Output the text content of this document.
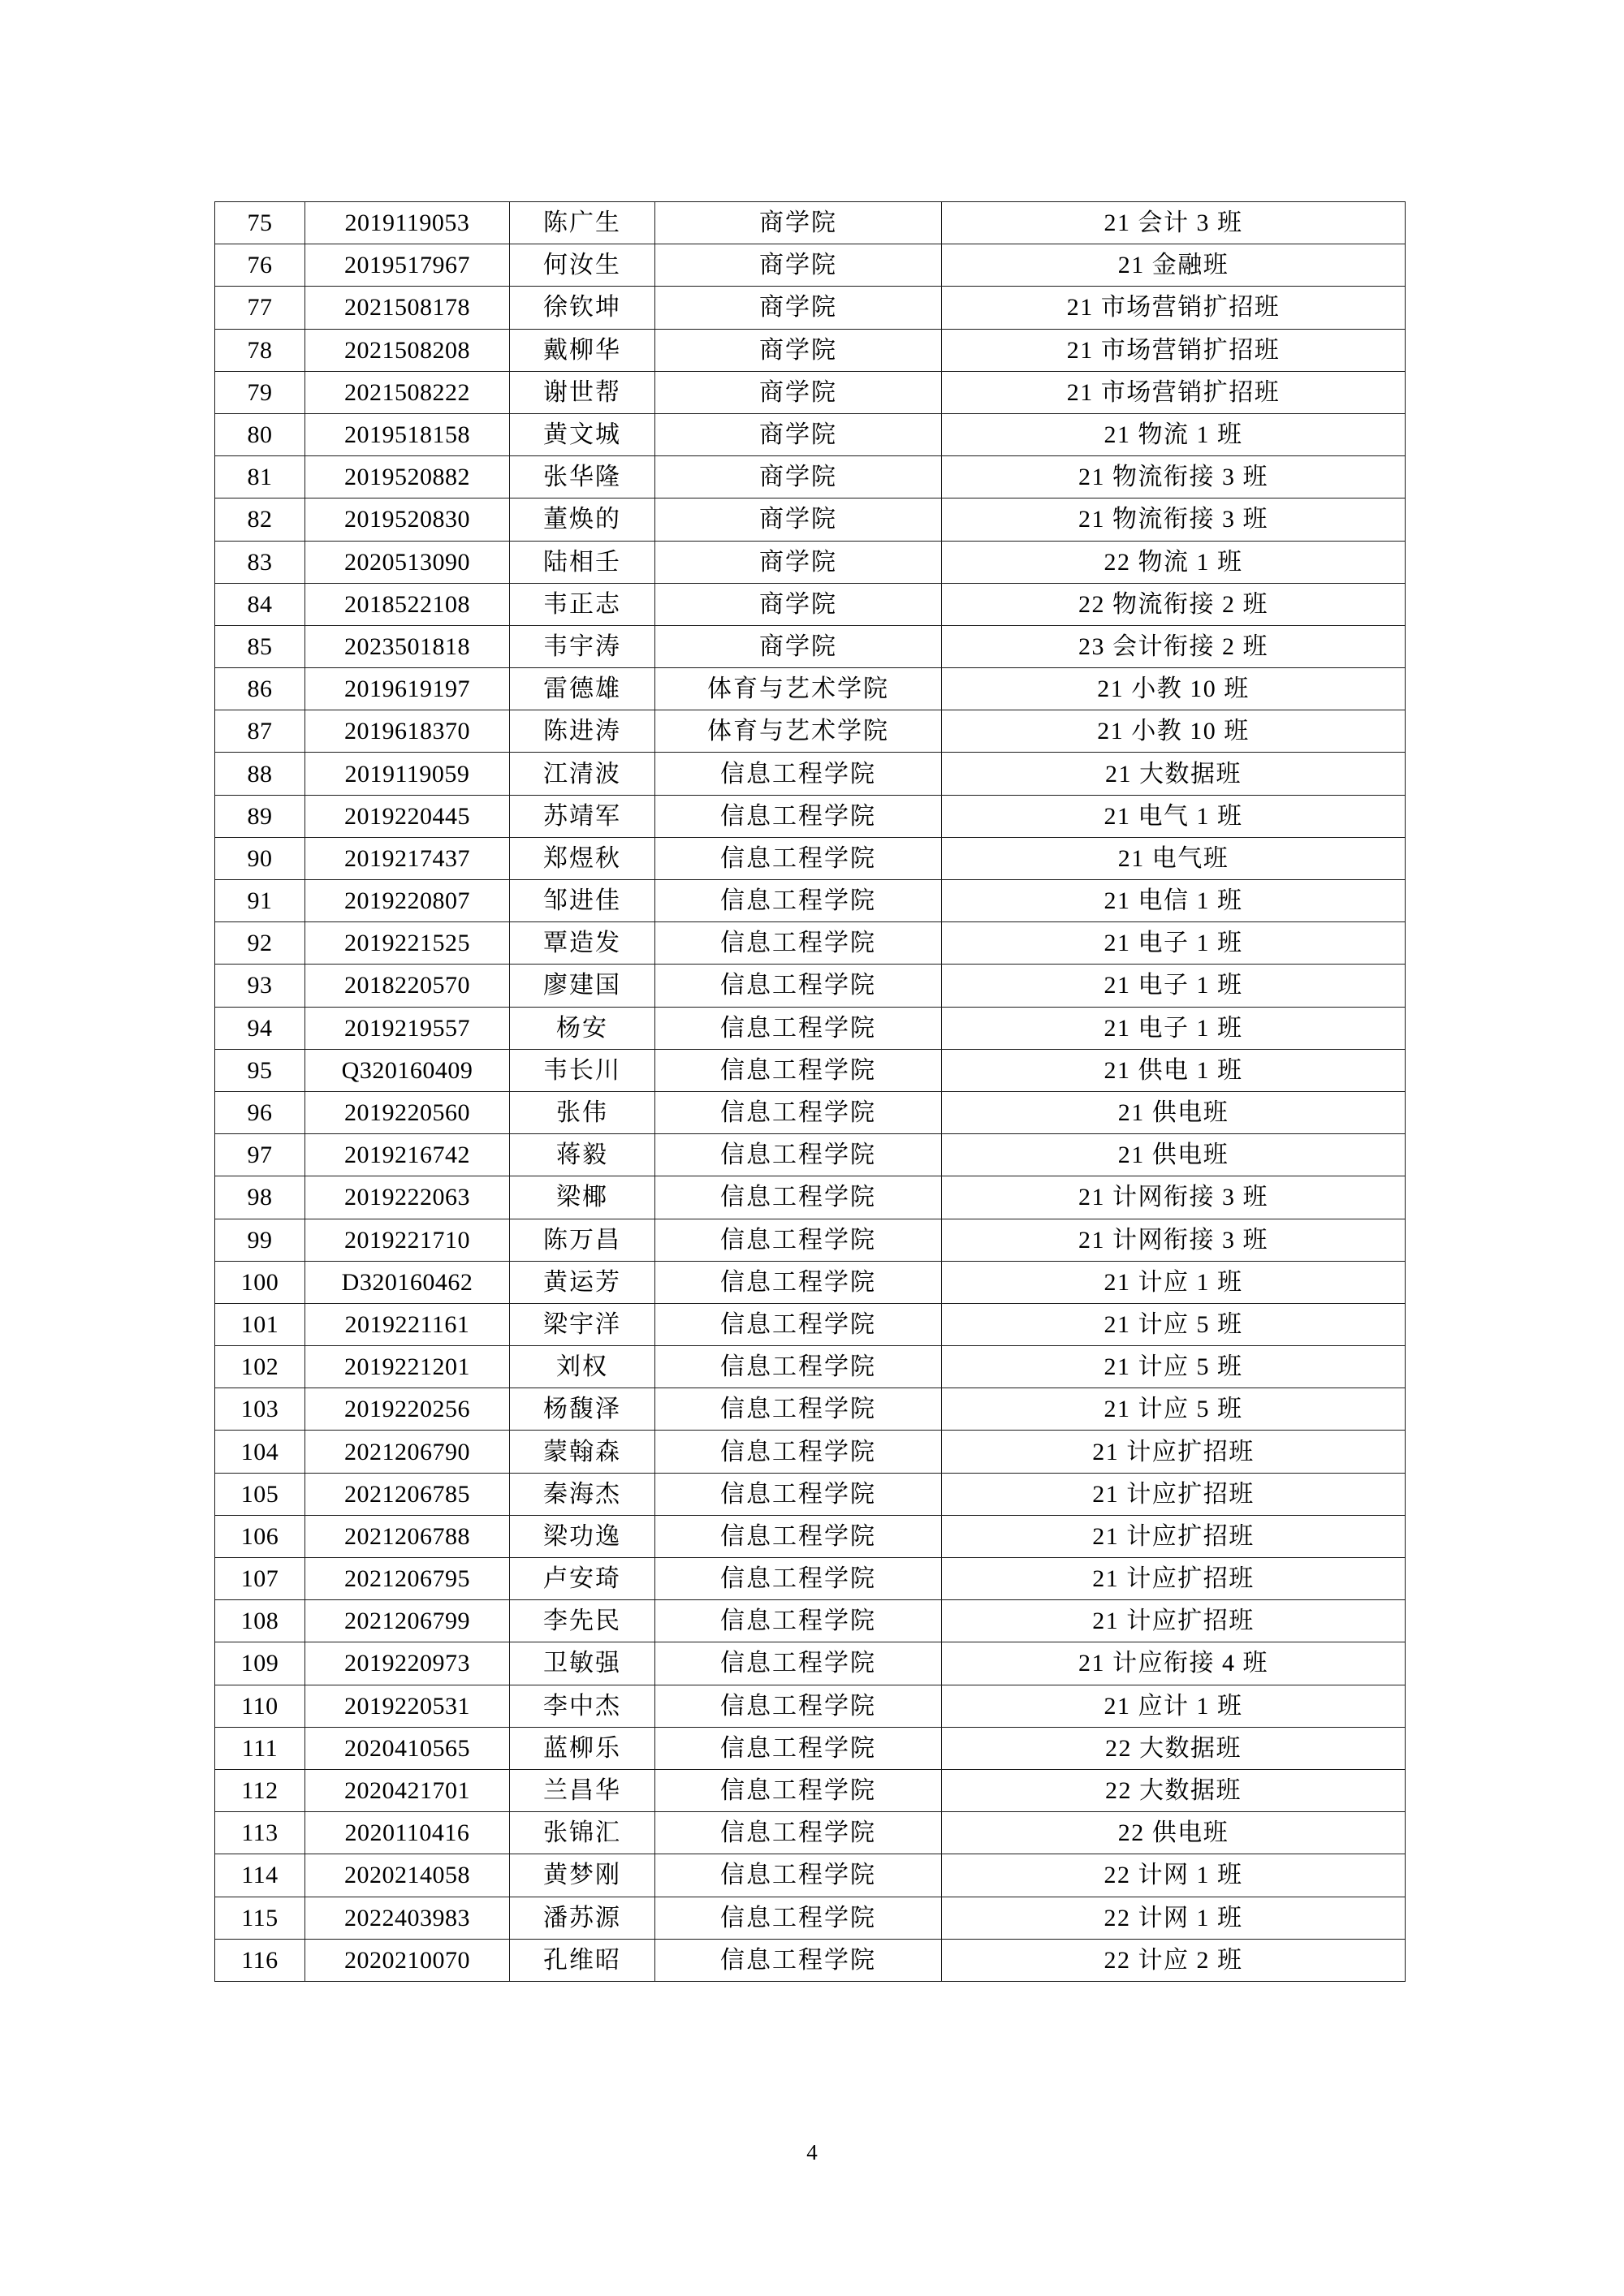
75	2019119053	陈广生	商学院	21 会计 3 班
76	2019517967	何汝生	商学院	21 金融班
77	2021508178	徐钦坤	商学院	21 市场营销扩招班
78	2021508208	戴柳华	商学院	21 市场营销扩招班
79	2021508222	谢世帮	商学院	21 市场营销扩招班
80	2019518158	黄文城	商学院	21 物流 1 班
81	2019520882	张华隆	商学院	21 物流衔接 3 班
82	2019520830	董焕的	商学院	21 物流衔接 3 班
83	2020513090	陆相壬	商学院	22 物流 1 班
84	2018522108	韦正志	商学院	22 物流衔接 2 班
85	2023501818	韦宇涛	商学院	23 会计衔接 2 班
86	2019619197	雷德雄	体育与艺术学院	21 小教 10 班
87	2019618370	陈进涛	体育与艺术学院	21 小教 10 班
88	2019119059	江清波	信息工程学院	21 大数据班
89	2019220445	苏靖军	信息工程学院	21 电气 1 班
90	2019217437	郑煜秋	信息工程学院	21 电气班
91	2019220807	邹进佳	信息工程学院	21 电信 1 班
92	2019221525	覃造发	信息工程学院	21 电子 1 班
93	2018220570	廖建国	信息工程学院	21 电子 1 班
94	2019219557	杨安	信息工程学院	21 电子 1 班
95	Q320160409	韦长川	信息工程学院	21 供电 1 班
96	2019220560	张伟	信息工程学院	21 供电班
97	2019216742	蒋毅	信息工程学院	21 供电班
98	2019222063	梁椰	信息工程学院	21 计网衔接 3 班
99	2019221710	陈万昌	信息工程学院	21 计网衔接 3 班
100	D320160462	黄运芳	信息工程学院	21 计应 1 班
101	2019221161	梁宇洋	信息工程学院	21 计应 5 班
102	2019221201	刘权	信息工程学院	21 计应 5 班
103	2019220256	杨馥泽	信息工程学院	21 计应 5 班
104	2021206790	蒙翰森	信息工程学院	21 计应扩招班
105	2021206785	秦海杰	信息工程学院	21 计应扩招班
106	2021206788	梁功逸	信息工程学院	21 计应扩招班
107	2021206795	卢安琦	信息工程学院	21 计应扩招班
108	2021206799	李先民	信息工程学院	21 计应扩招班
109	2019220973	卫敏强	信息工程学院	21 计应衔接 4 班
110	2019220531	李中杰	信息工程学院	21 应计 1 班
111	2020410565	蓝柳乐	信息工程学院	22 大数据班
112	2020421701	兰昌华	信息工程学院	22 大数据班
113	2020110416	张锦汇	信息工程学院	22 供电班
114	2020214058	黄梦刚	信息工程学院	22 计网 1 班
115	2022403983	潘苏源	信息工程学院	22 计网 1 班
116	2020210070	孔维昭	信息工程学院	22 计应 2 班
4
